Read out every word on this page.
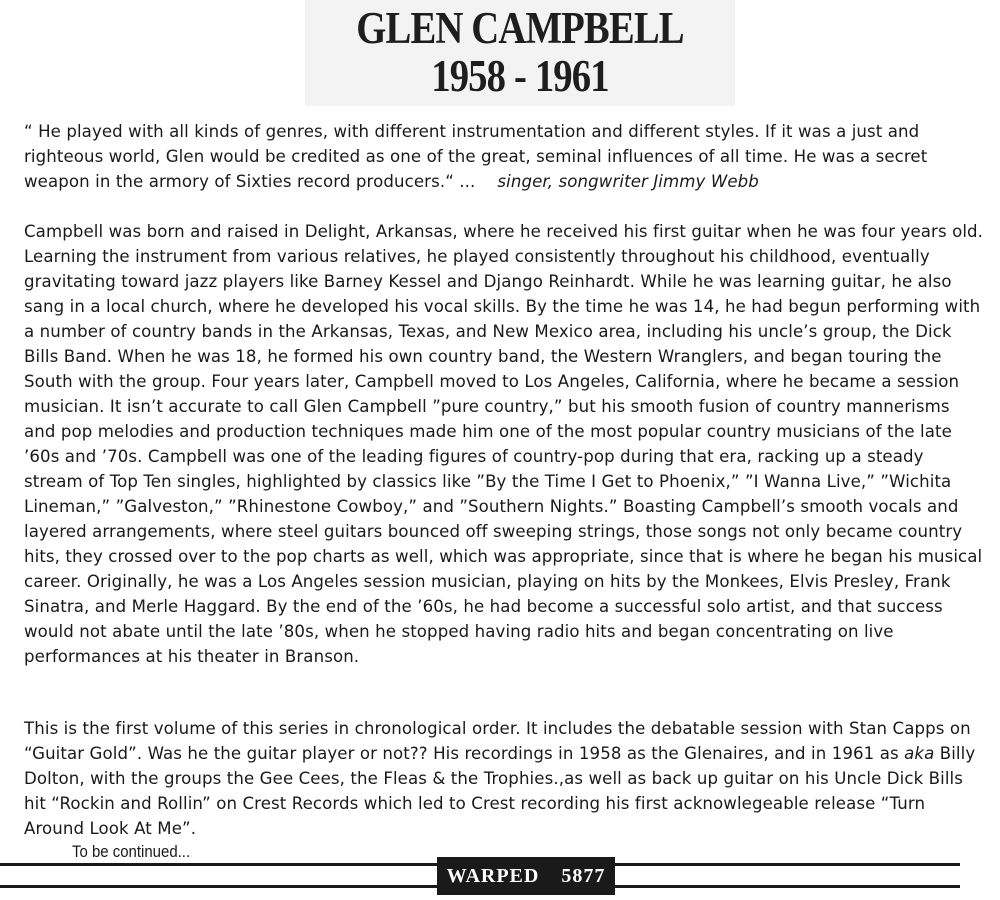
GLEN CAMPBELL
1958 - 1961
“ He played with all kinds of genres, with different instrumentation and different styles. If it was a just and righteous world, Glen would be credited as one of the great, seminal influences of all time. He was a secret weapon in the armory of Sixties record producers.“ ... singer, songwriter Jimmy Webb
Campbell was born and raised in Delight, Arkansas, where he received his first guitar when he was four years old. Learning the instrument from various relatives, he played consistently throughout his childhood, eventually gravitating toward jazz players like Barney Kessel and Django Reinhardt. While he was learning guitar, he also sang in a local church, where he developed his vocal skills. By the time he was 14, he had begun performing with a number of country bands in the Arkansas, Texas, and New Mexico area, including his uncle’s group, the Dick Bills Band. When he was 18, he formed his own country band, the Western Wranglers, and began touring the South with the group. Four years later, Campbell moved to Los Angeles, California, where he became a session musician. It isn’t accurate to call Glen Campbell ”pure country,” but his smooth fusion of country mannerisms and pop melodies and production techniques made him one of the most popular country musicians of the late ’60s and ’70s. Campbell was one of the leading figures of country-pop during that era, racking up a steady stream of Top Ten singles, highlighted by classics like ”By the Time I Get to Phoenix,” ”I Wanna Live,” ”Wichita Lineman,” ”Galveston,” ”Rhinestone Cowboy,” and ”Southern Nights.” Boasting Campbell’s smooth vocals and layered arrangements, where steel guitars bounced off sweeping strings, those songs not only became country hits, they crossed over to the pop charts as well, which was appropriate, since that is where he began his musical career. Originally, he was a Los Angeles session musician, playing on hits by the Monkees, Elvis Presley, Frank Sinatra, and Merle Haggard. By the end of the ’60s, he had become a successful solo artist, and that success would not abate until the late ’80s, when he stopped having radio hits and began concentrating on live performances at his theater in Branson.
This is the first volume of this series in chronological order. It includes the debatable session with Stan Capps on “Guitar Gold”. Was he the guitar player or not?? His recordings in 1958 as the Glenaires, and in 1961 as aka Billy Dolton, with the groups the Gee Cees, the Fleas & the Trophies.,as well as back up guitar on his Uncle Dick Bills hit “Rockin and Rollin” on Crest Records which led to Crest recording his first acknowlegeable release “Turn Around Look At Me”.
To be continued...
WARPED 5877
